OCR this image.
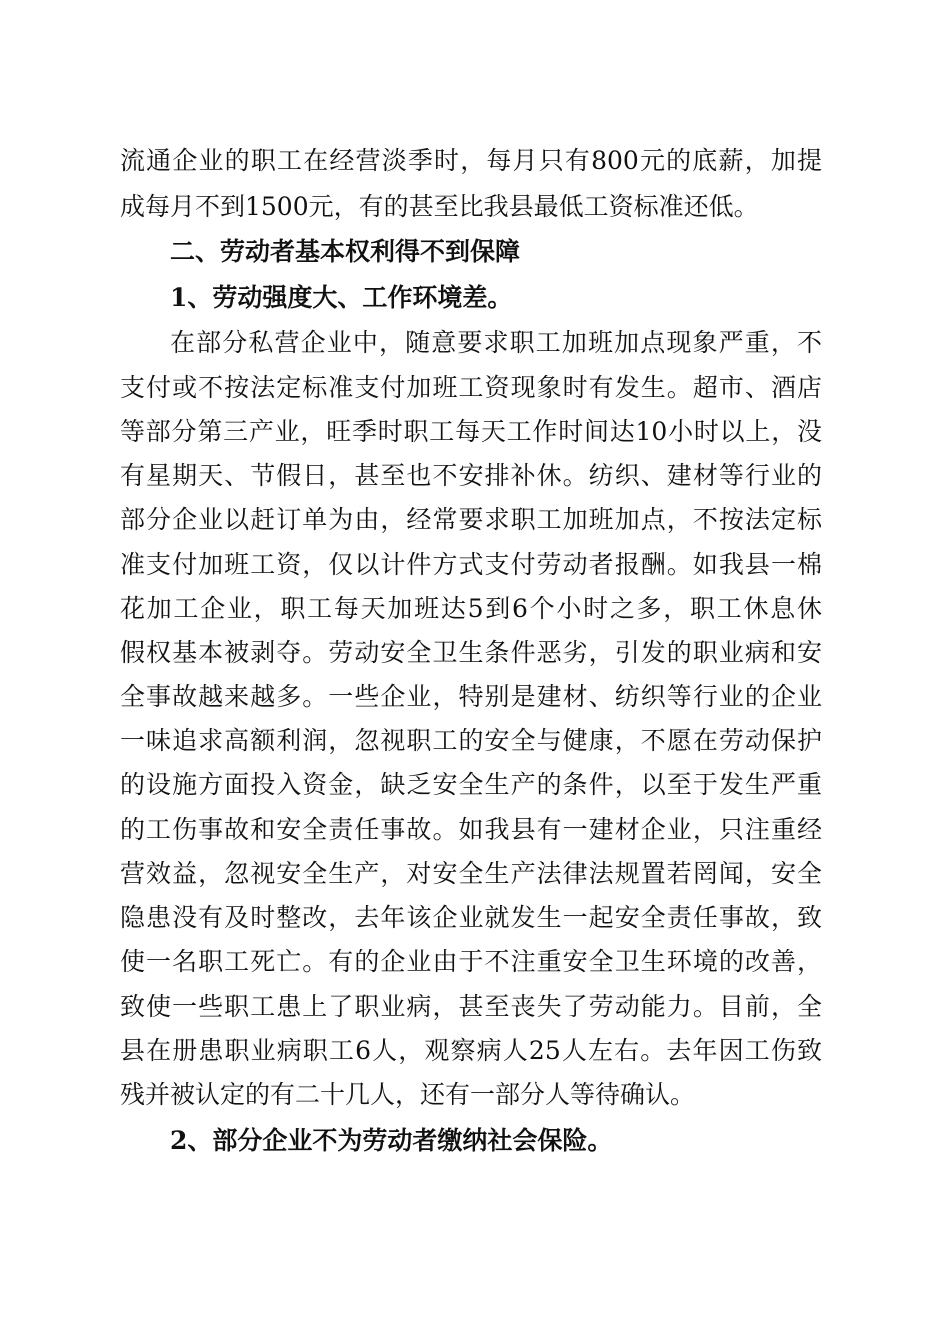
流通企业的职工在经营淡季时，每月只有800元的底薪，加提
成每月不到1500元，有的甚至比我县最低工资标准还低。
二、劳动者基本权利得不到保障
1、劳动强度大、工作环境差。
在部分私营企业中，随意要求职工加班加点现象严重，不
支付或不按法定标准支付加班工资现象时有发生。超市、酒店
等部分第三产业，旺季时职工每天工作时间达10小时以上，没
有星期天、节假日，甚至也不安排补休。纺织、建材等行业的
部分企业以赶订单为由，经常要求职工加班加点，不按法定标
准支付加班工资，仅以计件方式支付劳动者报酬。如我县一棉
花加工企业，职工每天加班达5到6个小时之多，职工休息休
假权基本被剥夺。劳动安全卫生条件恶劣，引发的职业病和安
全事故越来越多。一些企业，特别是建材、纺织等行业的企业
一味追求高额利润，忽视职工的安全与健康，不愿在劳动保护
的设施方面投入资金，缺乏安全生产的条件，以至于发生严重
的工伤事故和安全责任事故。如我县有一建材企业，只注重经
营效益，忽视安全生产，对安全生产法律法规置若罔闻，安全
隐患没有及时整改，去年该企业就发生一起安全责任事故，致
使一名职工死亡。有的企业由于不注重安全卫生环境的改善，
致使一些职工患上了职业病，甚至丧失了劳动能力。目前，全
县在册患职业病职工6人，观察病人25人左右。去年因工伤致
残并被认定的有二十几人，还有一部分人等待确认。
2、部分企业不为劳动者缴纳社会保险。
